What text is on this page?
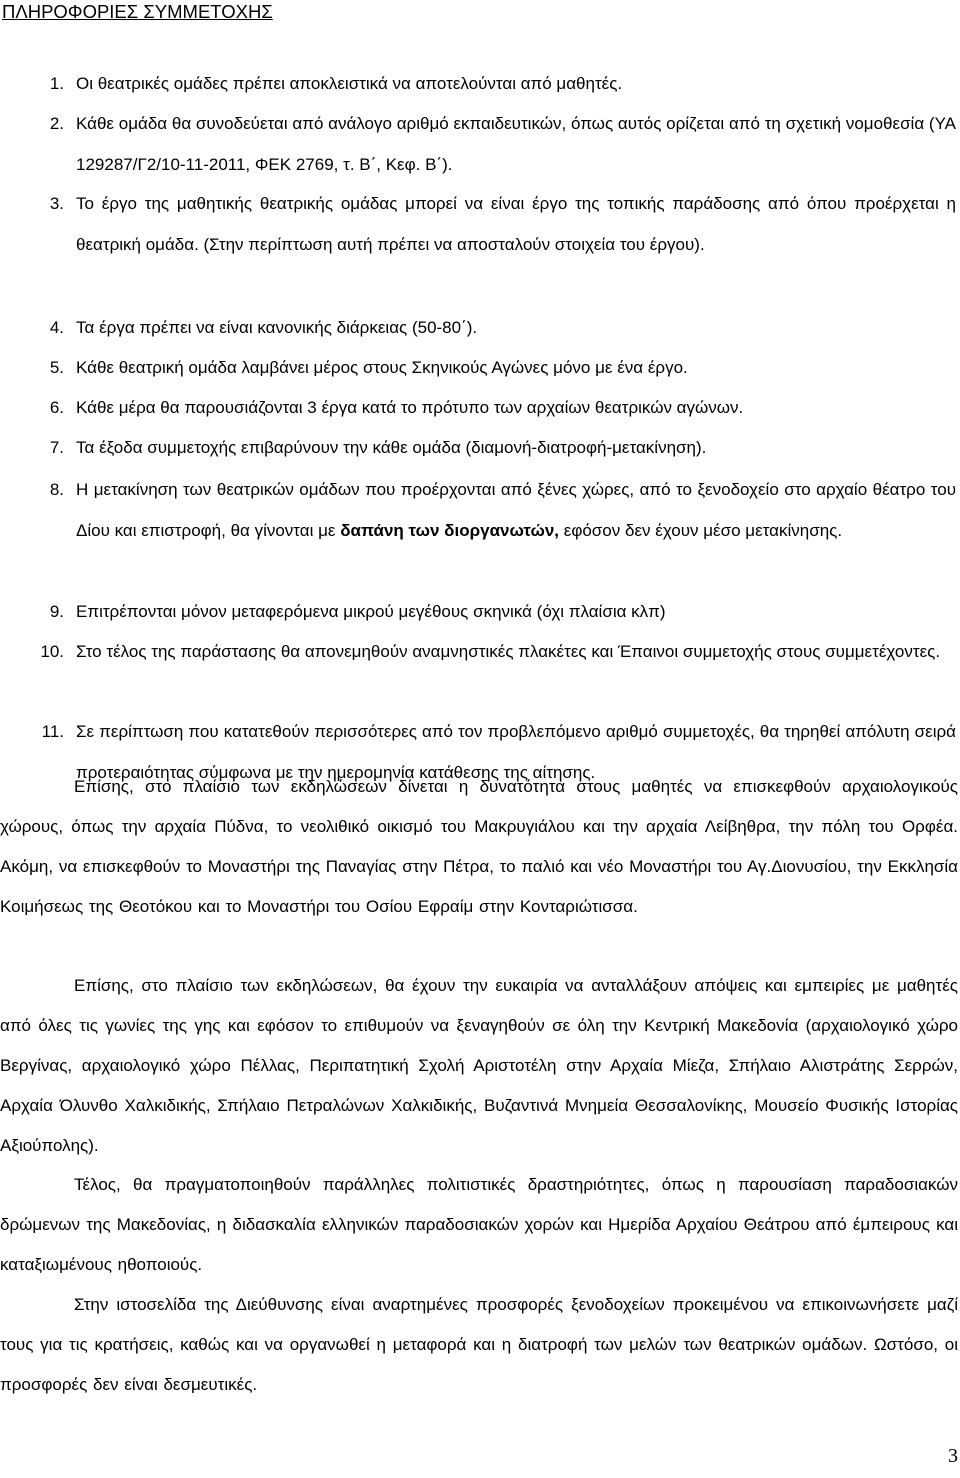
ΠΛΗΡΟΦΟΡΙΕΣ ΣΥΜΜΕΤΟΧΗΣ
1. Οι θεατρικές ομάδες πρέπει αποκλειστικά να αποτελούνται από μαθητές.
2. Κάθε ομάδα θα συνοδεύεται από ανάλογο αριθμό εκπαιδευτικών, όπως αυτός ορίζεται από τη σχετική νομοθεσία (ΥΑ 129287/Γ2/10-11-2011, ΦΕΚ 2769, τ. Β΄, Κεφ. Β΄).
3. Το έργο της μαθητικής θεατρικής ομάδας μπορεί να είναι έργο της τοπικής παράδοσης από όπου προέρχεται η θεατρική ομάδα. (Στην περίπτωση αυτή πρέπει να αποσταλούν στοιχεία του έργου).
4. Τα έργα πρέπει να είναι κανονικής διάρκειας (50-80΄).
5. Κάθε θεατρική ομάδα λαμβάνει μέρος στους Σκηνικούς Αγώνες μόνο με ένα έργο.
6. Κάθε μέρα θα παρουσιάζονται 3 έργα κατά το πρότυπο των αρχαίων θεατρικών αγώνων.
7. Τα έξοδα συμμετοχής επιβαρύνουν την κάθε ομάδα (διαμονή-διατροφή-μετακίνηση).
8. Η μετακίνηση των θεατρικών ομάδων που προέρχονται από ξένες χώρες, από το ξενοδοχείο στο αρχαίο θέατρο του Δίου και επιστροφή, θα γίνονται με δαπάνη των διοργανωτών, εφόσον δεν έχουν μέσο μετακίνησης.
9. Επιτρέπονται μόνον μεταφερόμενα μικρού μεγέθους σκηνικά (όχι πλαίσια κλπ)
10. Στο τέλος της παράστασης θα απονεμηθούν αναμνηστικές πλακέτες και Έπαινοι συμμετοχής στους συμμετέχοντες.
11. Σε περίπτωση που κατατεθούν περισσότερες από τον προβλεπόμενο αριθμό συμμετοχές, θα τηρηθεί απόλυτη σειρά προτεραιότητας σύμφωνα με την ημερομηνία κατάθεσης της αίτησης.

Επίσης, στο πλαίσιο των εκδηλώσεων δίνεται η δυνατότητα στους μαθητές να επισκεφθούν αρχαιολογικούς χώρους, όπως την αρχαία Πύδνα, το νεολιθικό οικισμό του Μακρυγιάλου και την αρχαία Λείβηθρα, την πόλη του Ορφέα. Ακόμη, να επισκεφθούν το Μοναστήρι της Παναγίας στην Πέτρα, το παλιό και νέο Μοναστήρι του Αγ.Διονυσίου, την Εκκλησία Κοιμήσεως της Θεοτόκου και το Μοναστήρι του Οσίου Εφραίμ στην Κονταριώτισσα.

Επίσης, στο πλαίσιο των εκδηλώσεων, θα έχουν την ευκαιρία να ανταλλάξουν απόψεις και εμπειρίες με μαθητές από όλες τις γωνίες της γης και εφόσον το επιθυμούν να ξεναγηθούν σε όλη την Κεντρική Μακεδονία (αρχαιολογικό χώρο Βεργίνας, αρχαιολογικό χώρο Πέλλας, Περιπατητική Σχολή Αριστοτέλη στην Αρχαία Μίεζα, Σπήλαιο Αλιστράτης Σερρών, Αρχαία Όλυνθο Χαλκιδικής, Σπήλαιο Πετραλώνων Χαλκιδικής, Βυζαντινά Μνημεία Θεσσαλονίκης, Μουσείο Φυσικής Ιστορίας Αξιούπολης).

Τέλος, θα πραγματοποιηθούν παράλληλες πολιτιστικές δραστηριότητες, όπως η παρουσίαση παραδοσιακών δρώμενων της Μακεδονίας, η διδασκαλία ελληνικών παραδοσιακών χορών και Ημερίδα Αρχαίου Θεάτρου από έμπειρους και καταξιωμένους ηθοποιούς.

Στην ιστοσελίδα της Διεύθυνσης είναι αναρτημένες προσφορές ξενοδοχείων προκειμένου να επικοινωνήσετε μαζί τους για τις κρατήσεις, καθώς και να οργανωθεί η μεταφορά και η διατροφή των μελών των θεατρικών ομάδων. Ωστόσο, οι προσφορές δεν είναι δεσμευτικές.

3
